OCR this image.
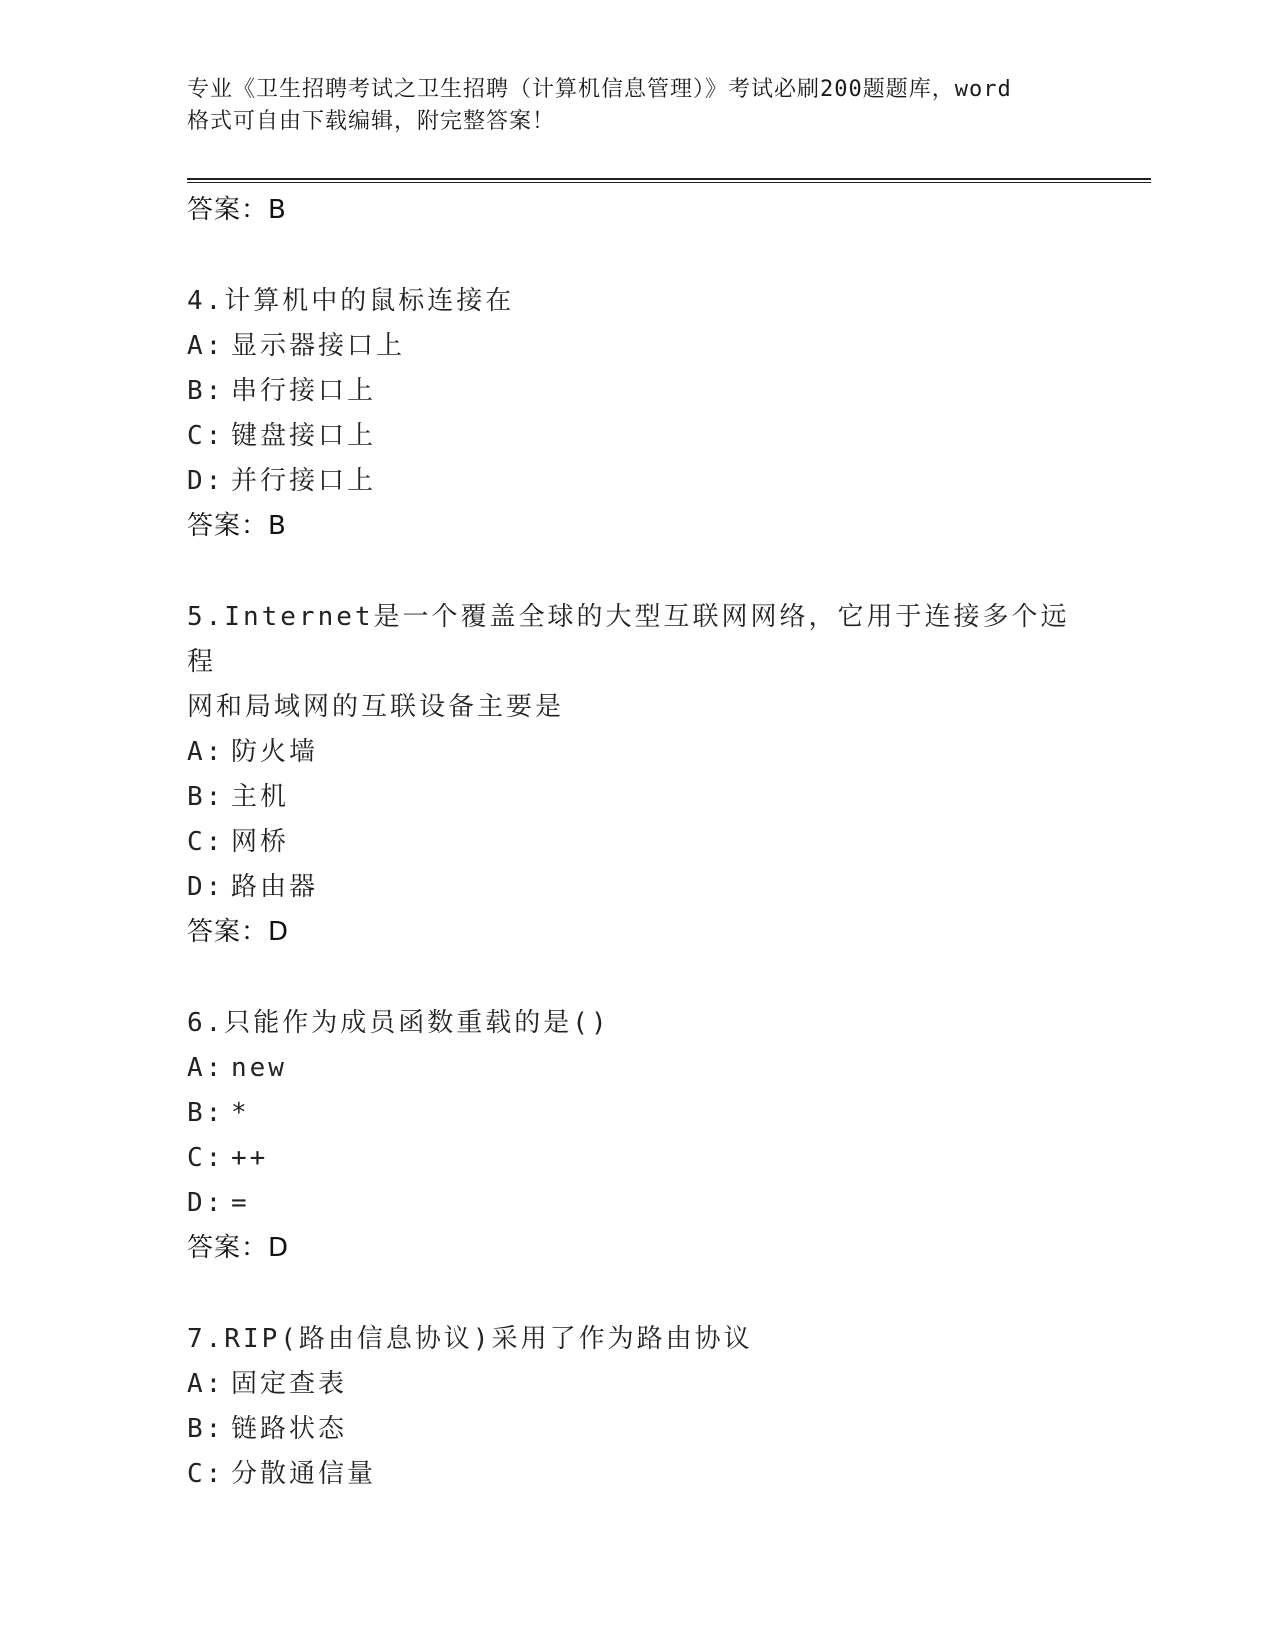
专业《卫生招聘考试之卫生招聘（计算机信息管理）》考试必刷200题题库，word
格式可自由下载编辑，附完整答案！
答案：B
4.计算机中的鼠标连接在
A: 显示器接口上
B: 串行接口上
C: 键盘接口上
D: 并行接口上
答案：B
5.Internet是一个覆盖全球的大型互联网网络，它用于连接多个远程
网和局域网的互联设备主要是
A: 防火墙
B: 主机
C: 网桥
D: 路由器
答案：D
6.只能作为成员函数重载的是()
A: new
B: *
C: ++
D: =
答案：D
7.RIP(路由信息协议)采用了作为路由协议
A: 固定查表
B: 链路状态
C: 分散通信量
